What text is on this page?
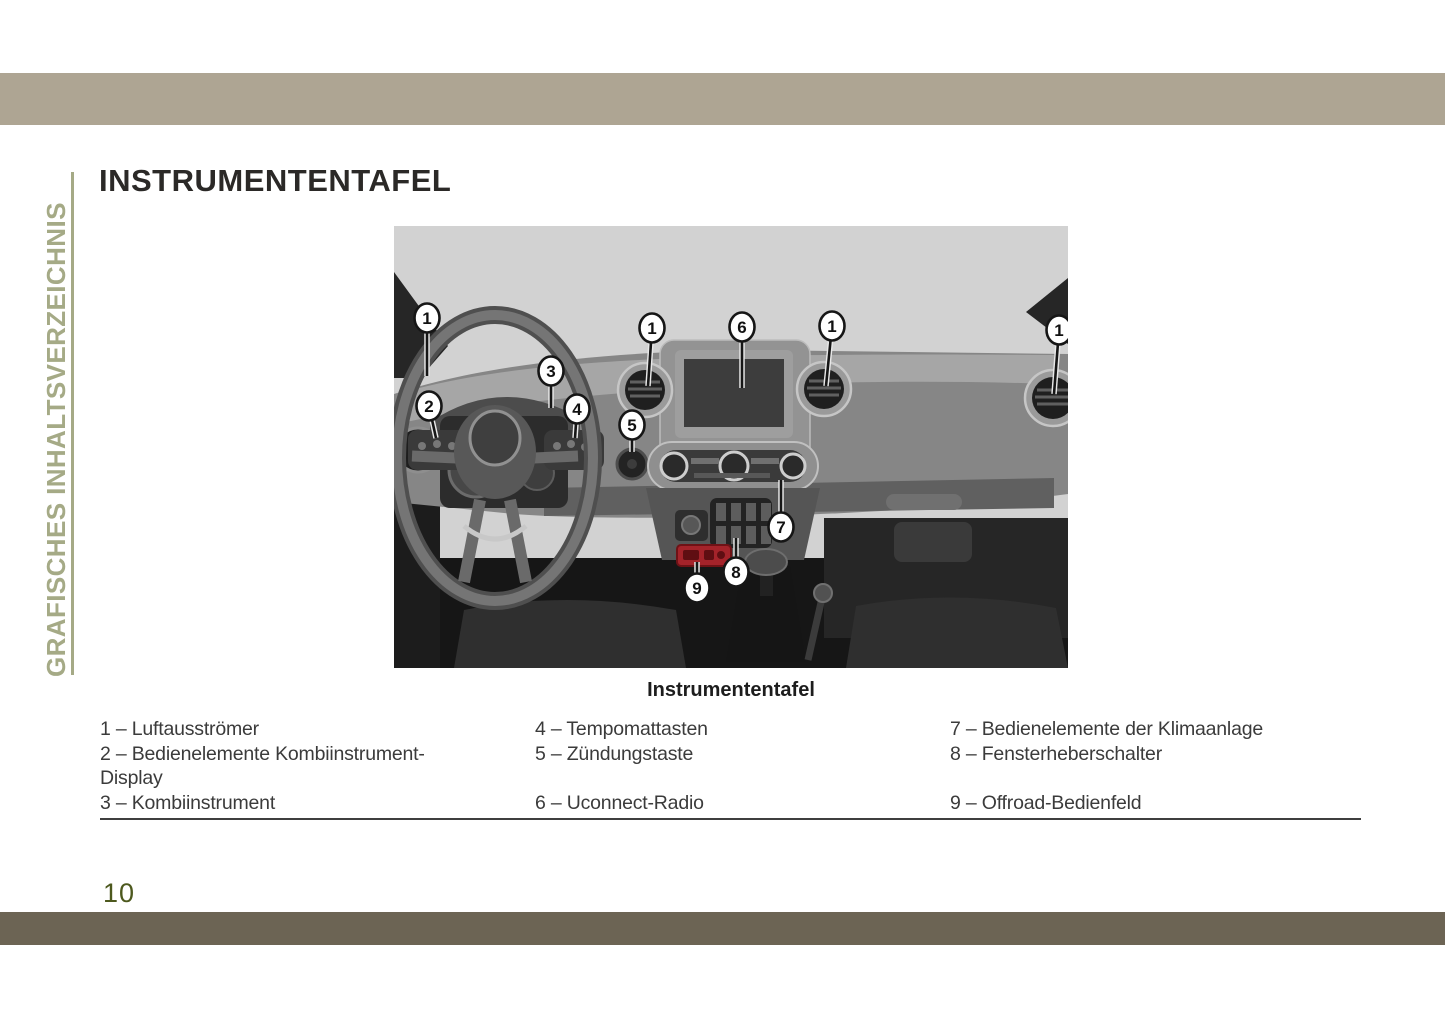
GRAFISCHES INHALTSVERZEICHNIS
INSTRUMENTENTAFEL
1
3
1	6	1	1
2	4
5
7
8
9
Instrumententafel
1 – Luftausströmer
2 – Bedienelemente Kombiinstrument-Display
3 – Kombiinstrument
4 – Tempomattasten
5 – Zündungstaste
6 – Uconnect-Radio
7 – Bedienelemente der Klimaanlage
8 – Fensterheberschalter
9 – Offroad-Bedienfeld
10
